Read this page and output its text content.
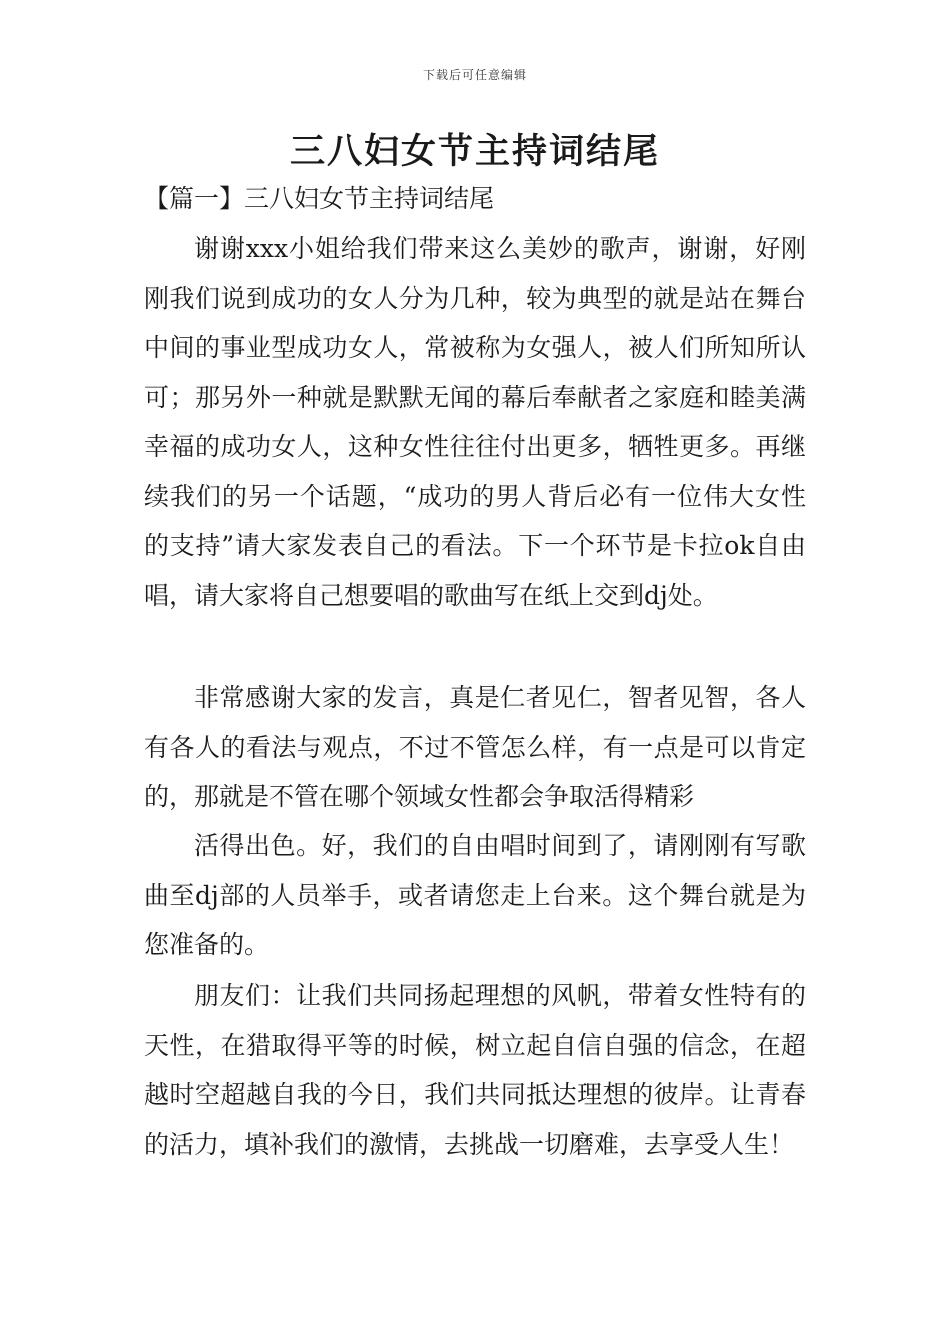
下载后可任意编辑
三八妇女节主持词结尾
【篇一】三八妇女节主持词结尾

谢谢xxx小姐给我们带来这么美妙的歌声，谢谢，好刚刚我们说到成功的女人分为几种，较为典型的就是站在舞台中间的事业型成功女人，常被称为女强人，被人们所知所认可；那另外一种就是默默无闻的幕后奉献者之家庭和睦美满幸福的成功女人，这种女性往往付出更多，牺牲更多。再继续我们的另一个话题，“成功的男人背后必有一位伟大女性的支持”请大家发表自己的看法。下一个环节是卡拉ok自由唱，请大家将自己想要唱的歌曲写在纸上交到dj处。

非常感谢大家的发言，真是仁者见仁，智者见智，各人有各人的看法与观点，不过不管怎么样，有一点是可以肯定的，那就是不管在哪个领域女性都会争取活得精彩

活得出色。好，我们的自由唱时间到了，请刚刚有写歌曲至dj部的人员举手，或者请您走上台来。这个舞台就是为您准备的。

朋友们：让我们共同扬起理想的风帆，带着女性特有的天性，在猎取得平等的时候，树立起自信自强的信念，在超越时空超越自我的今日，我们共同抵达理想的彼岸。让青春的活力，填补我们的激情，去挑战一切磨难，去享受人生！
